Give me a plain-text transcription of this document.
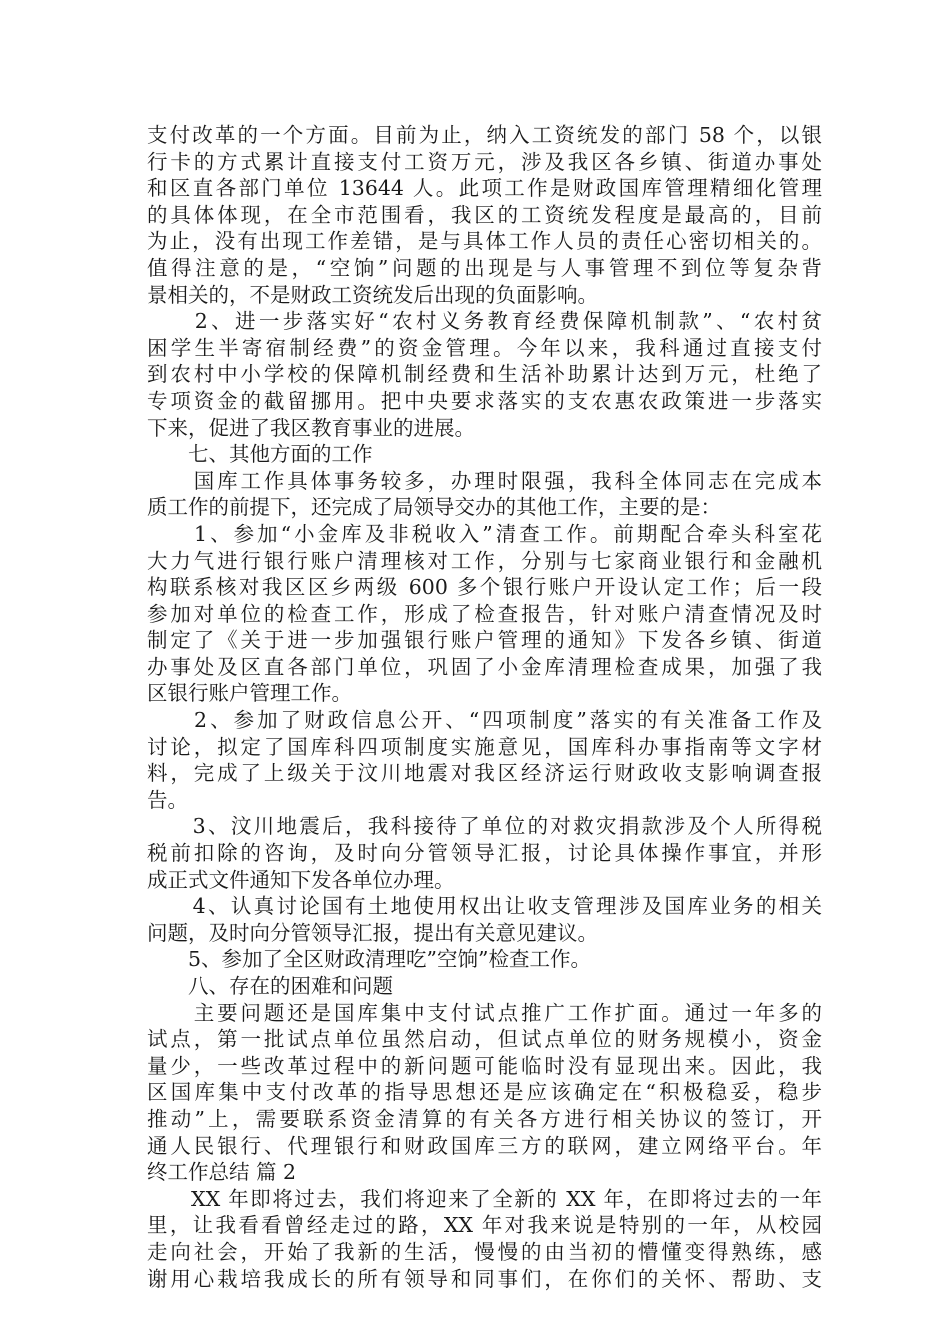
支付改革的一个方面。目前为止，纳入工资统发的部门 58 个，以银
行卡的方式累计直接支付工资万元，涉及我区各乡镇、街道办事处
和区直各部门单位 13644 人。此项工作是财政国库管理精细化管理
的具体体现，在全市范围看，我区的工资统发程度是最高的，目前
为止，没有出现工作差错，是与具体工作人员的责任心密切相关的。
值得注意的是，“空饷”问题的出现是与人事管理不到位等复杂背
景相关的，不是财政工资统发后出现的负面影响。
　　2、进一步落实好“农村义务教育经费保障机制款”、“农村贫
困学生半寄宿制经费”的资金管理。今年以来，我科通过直接支付
到农村中小学校的保障机制经费和生活补助累计达到万元，杜绝了
专项资金的截留挪用。把中央要求落实的支农惠农政策进一步落实
下来，促进了我区教育事业的进展。
　　七、其他方面的工作
　　国库工作具体事务较多，办理时限强，我科全体同志在完成本
质工作的前提下，还完成了局领导交办的其他工作，主要的是：
　　1、参加“小金库及非税收入”清查工作。前期配合牵头科室花
大力气进行银行账户清理核对工作，分别与七家商业银行和金融机
构联系核对我区区乡两级 600 多个银行账户开设认定工作；后一段
参加对单位的检查工作，形成了检查报告，针对账户清查情况及时
制定了《关于进一步加强银行账户管理的通知》下发各乡镇、街道
办事处及区直各部门单位，巩固了小金库清理检查成果，加强了我
区银行账户管理工作。
　　2、参加了财政信息公开、“四项制度”落实的有关准备工作及
讨论，拟定了国库科四项制度实施意见，国库科办事指南等文字材
料，完成了上级关于汶川地震对我区经济运行财政收支影响调查报
告。
　　3、汶川地震后，我科接待了单位的对救灾捐款涉及个人所得税
税前扣除的咨询，及时向分管领导汇报，讨论具体操作事宜，并形
成正式文件通知下发各单位办理。
　　4、认真讨论国有土地使用权出让收支管理涉及国库业务的相关
问题，及时向分管领导汇报，提出有关意见建议。
　　5、参加了全区财政清理吃”空饷”检查工作。
　　八、存在的困难和问题
　　主要问题还是国库集中支付试点推广工作扩面。通过一年多的
试点，第一批试点单位虽然启动，但试点单位的财务规模小，资金
量少，一些改革过程中的新问题可能临时没有显现出来。因此，我
区国库集中支付改革的指导思想还是应该确定在“积极稳妥，稳步
推动”上，需要联系资金清算的有关各方进行相关协议的签订，开
通人民银行、代理银行和财政国库三方的联网，建立网络平台。年
终工作总结 篇 2
　　XX 年即将过去，我们将迎来了全新的 XX 年，在即将过去的一年
里，让我看看曾经走过的路，XX 年对我来说是特别的一年，从校园
走向社会，开始了我新的生活，慢慢的由当初的懵懂变得熟练，感
谢用心栽培我成长的所有领导和同事们，在你们的关怀、帮助、支
